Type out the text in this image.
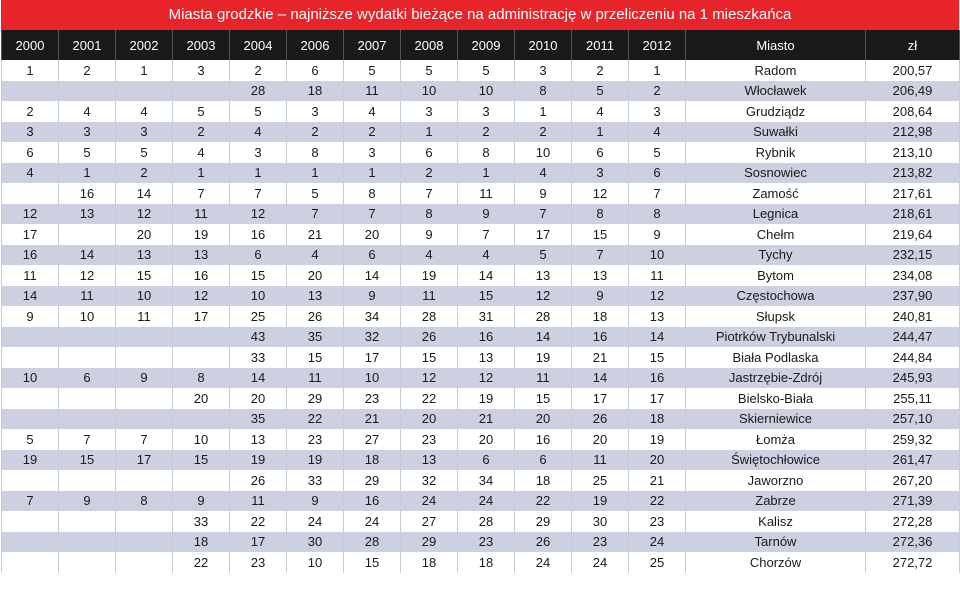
Miasta grodzkie – najniższe wydatki bieżące na administrację w przeliczeniu na 1 mieszkańca
2000	2001	2002	2003	2004	2006	2007	2008	2009	2010	2011	2012	Miasto	zł
1	2	1	3	2	6	5	5	5	3	2	1	Radom	200,57
				28	18	11	10	10	8	5	2	Włocławek	206,49
2	4	4	5	5	3	4	3	3	1	4	3	Grudziądz	208,64
3	3	3	2	4	2	2	1	2	2	1	4	Suwałki	212,98
6	5	5	4	3	8	3	6	8	10	6	5	Rybnik	213,10
4	1	2	1	1	1	1	2	1	4	3	6	Sosnowiec	213,82
	16	14	7	7	5	8	7	11	9	12	7	Zamość	217,61
12	13	12	11	12	7	7	8	9	7	8	8	Legnica	218,61
17		20	19	16	21	20	9	7	17	15	9	Chełm	219,64
16	14	13	13	6	4	6	4	4	5	7	10	Tychy	232,15
11	12	15	16	15	20	14	19	14	13	13	11	Bytom	234,08
14	11	10	12	10	13	9	11	15	12	9	12	Częstochowa	237,90
9	10	11	17	25	26	34	28	31	28	18	13	Słupsk	240,81
				43	35	32	26	16	14	16	14	Piotrków Trybunalski	244,47
				33	15	17	15	13	19	21	15	Biała Podlaska	244,84
10	6	9	8	14	11	10	12	12	11	14	16	Jastrzębie-Zdrój	245,93
			20	20	29	23	22	19	15	17	17	Bielsko-Biała	255,11
				35	22	21	20	21	20	26	18	Skierniewice	257,10
5	7	7	10	13	23	27	23	20	16	20	19	Łomża	259,32
19	15	17	15	19	19	18	13	6	6	11	20	Świętochłowice	261,47
				26	33	29	32	34	18	25	21	Jaworzno	267,20
7	9	8	9	11	9	16	24	24	22	19	22	Zabrze	271,39
			33	22	24	24	27	28	29	30	23	Kalisz	272,28
			18	17	30	28	29	23	26	23	24	Tarnów	272,36
			22	23	10	15	18	18	24	24	25	Chorzów	272,72
